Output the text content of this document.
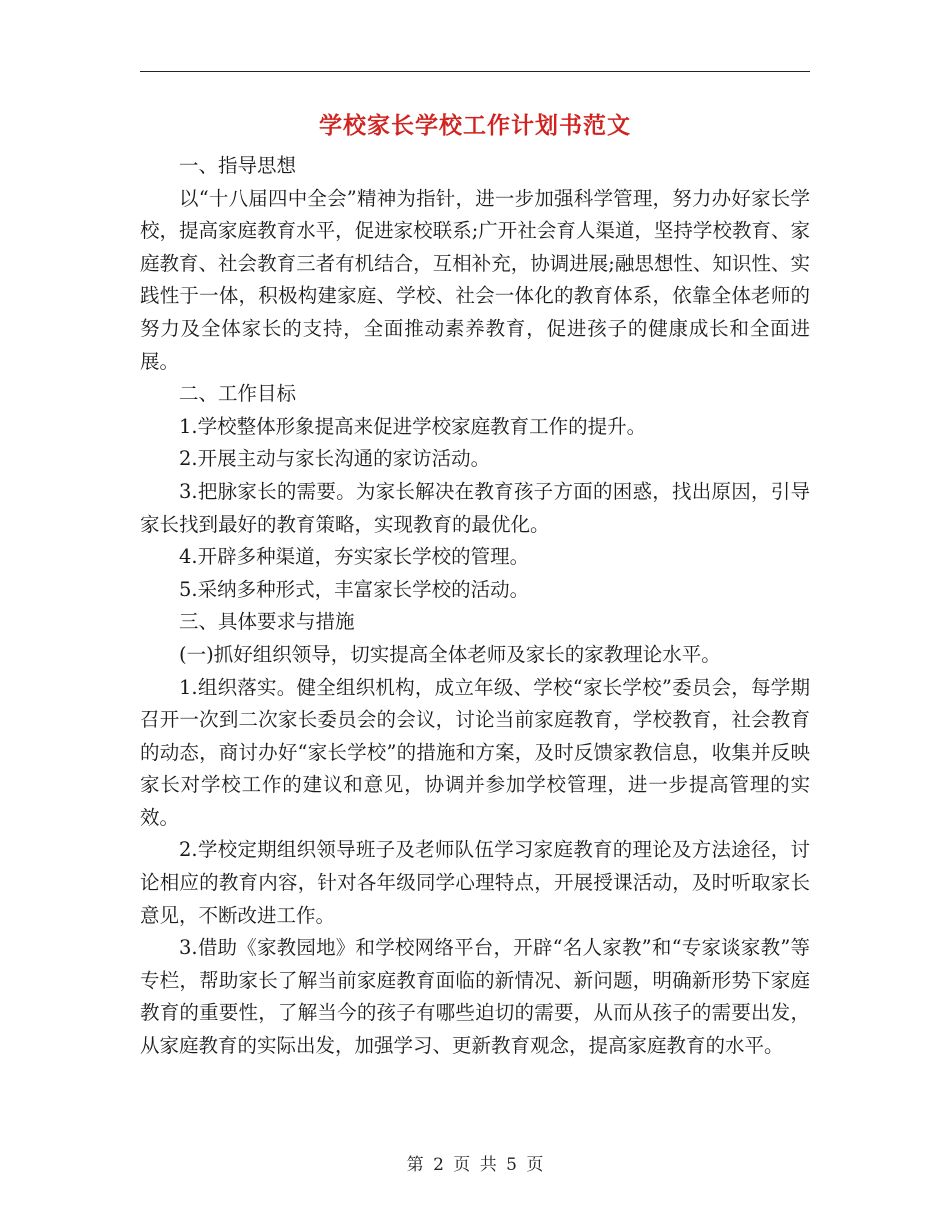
学校家长学校工作计划书范文

一、指导思想

以“十八届四中全会”精神为指针，进一步加强科学管理，努力办好家长学校，提高家庭教育水平，促进家校联系;广开社会育人渠道，坚持学校教育、家庭教育、社会教育三者有机结合，互相补充，协调进展;融思想性、知识性、实践性于一体，积极构建家庭、学校、社会一体化的教育体系，依靠全体老师的努力及全体家长的支持，全面推动素养教育，促进孩子的健康成长和全面进展。

二、工作目标

1.学校整体形象提高来促进学校家庭教育工作的提升。

2.开展主动与家长沟通的家访活动。

3.把脉家长的需要。为家长解决在教育孩子方面的困惑，找出原因，引导家长找到最好的教育策略，实现教育的最优化。

4.开辟多种渠道，夯实家长学校的管理。

5.采纳多种形式，丰富家长学校的活动。

三、具体要求与措施

(一)抓好组织领导，切实提高全体老师及家长的家教理论水平。

1.组织落实。健全组织机构，成立年级、学校“家长学校”委员会，每学期召开一次到二次家长委员会的会议，讨论当前家庭教育，学校教育，社会教育的动态，商讨办好“家长学校”的措施和方案，及时反馈家教信息，收集并反映家长对学校工作的建议和意见，协调并参加学校管理，进一步提高管理的实效。

2.学校定期组织领导班子及老师队伍学习家庭教育的理论及方法途径，讨论相应的教育内容，针对各年级同学心理特点，开展授课活动，及时听取家长意见，不断改进工作。

3.借助《家教园地》和学校网络平台，开辟“名人家教”和“专家谈家教”等专栏，帮助家长了解当前家庭教育面临的新情况、新问题，明确新形势下家庭教育的重要性，了解当今的孩子有哪些迫切的需要，从而从孩子的需要出发，从家庭教育的实际出发，加强学习、更新教育观念，提高家庭教育的水平。

第 2 页 共 5 页
